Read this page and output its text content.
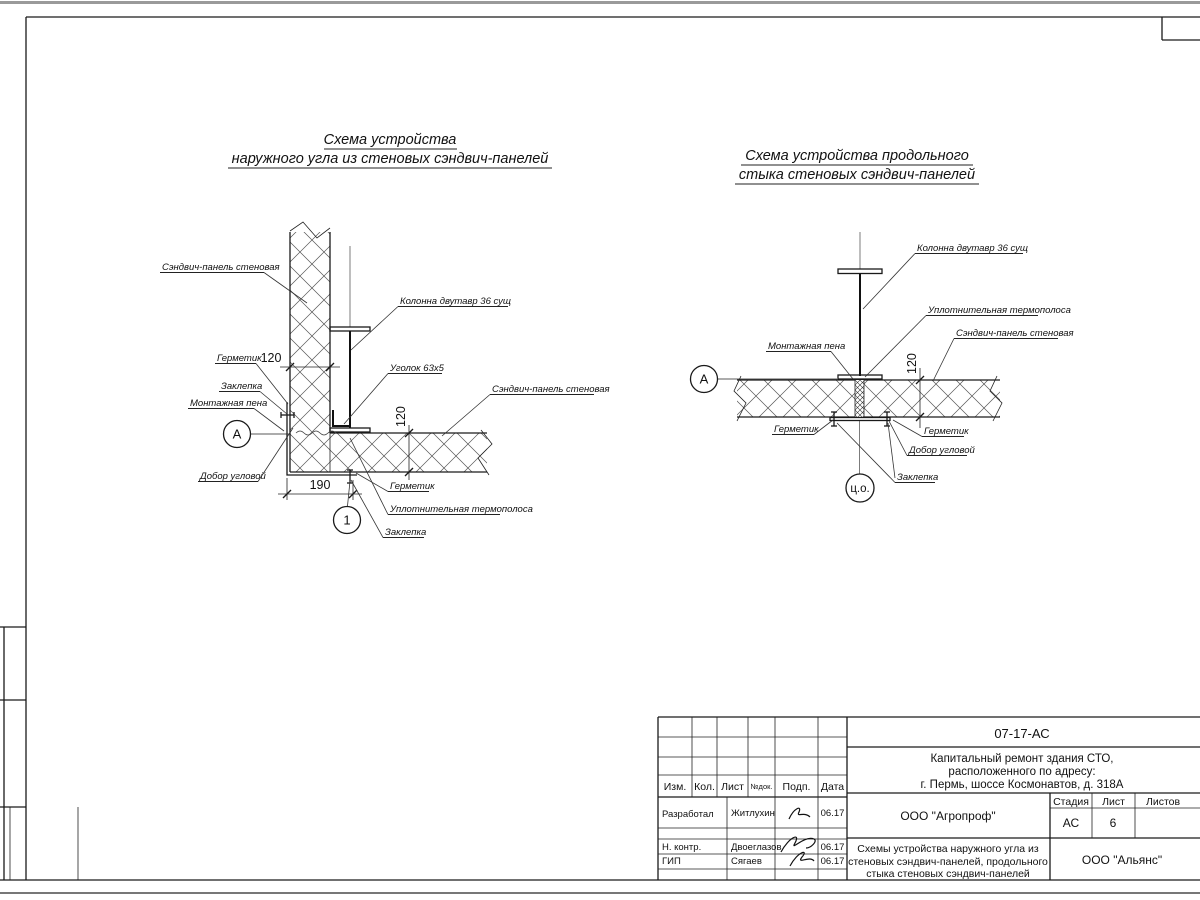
Схема устройства
наружного угла из стеновых сэндвич-панелей	Схема устройства продольного
стыка стеновых сэндвич-панелей
120
120
190
А
1
Сэндвич-панель стеновая
Колонна двутавр 36 сущ
Герметик
Заклепка
Монтажная пена
Добор угловой
Уголок 63х5
Сэндвич-панель стеновая
Герметик
Уплотнительная термополоса
Заклепка
120
А
ц.о.
Колонна двутавр 36 сущ
Уплотнительная термополоса
Сэндвич-панель стеновая
Монтажная пена
Герметик	Герметик
Добор угловой
Заклепка
07-17-АС
Капитальный ремонт здания СТО,
расположенного по адресу:
г. Пермь, шоссе Космонавтов, д. 318А
Изм. Кол. Лист №док. Подп. Дата
Стадия Лист Листов
АС	6
ООО "Агропроф"
Схемы устройства наружного угла из
стеновых сэндвич-панелей, продольного
стыка стеновых сэндвич-панелей
ООО "Альянс"
Разработал Житлухин	06.17
Н. контр.	Двоеглазов	06.17
ГИП	Сягаев	06.17
